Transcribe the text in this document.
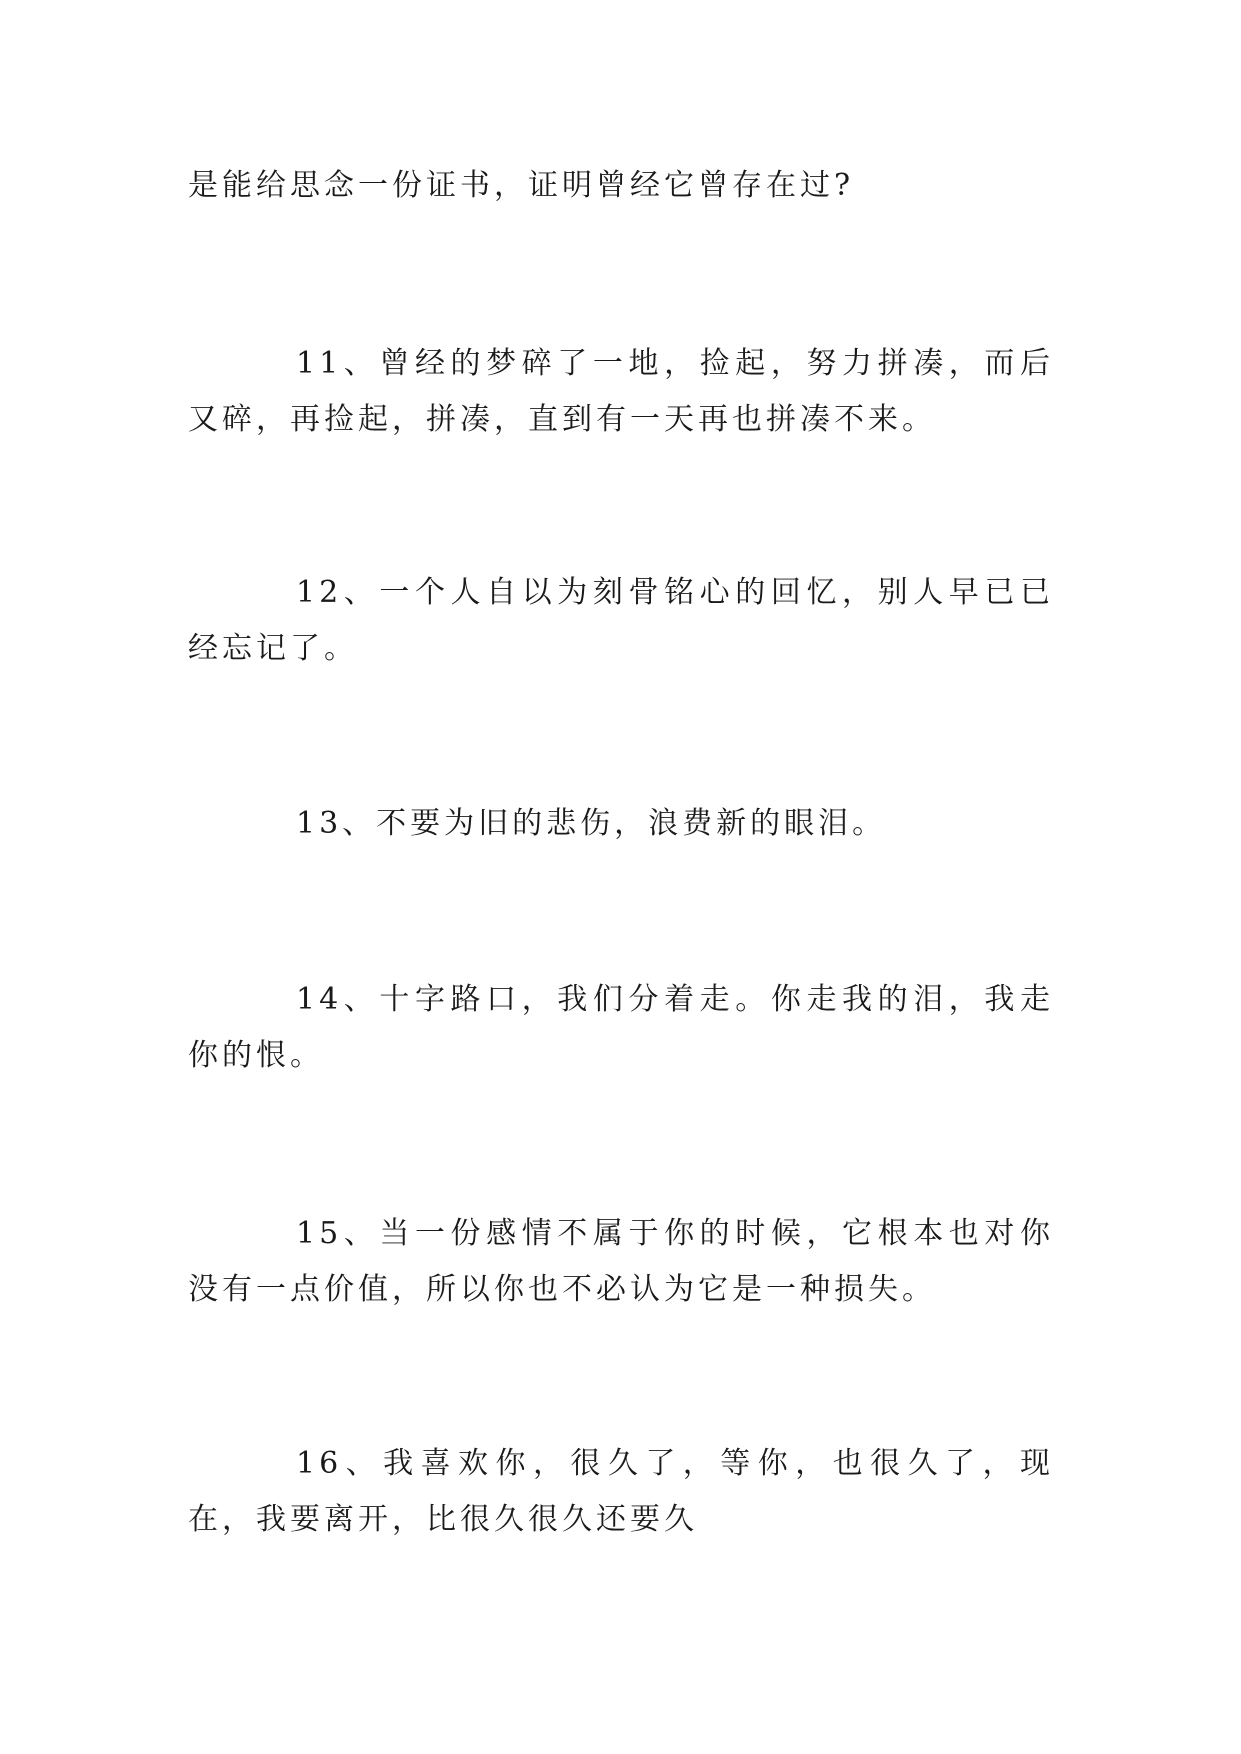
是能给思念一份证书，证明曾经它曾存在过?

11、曾经的梦碎了一地，捡起，努力拼凑，而后又碎，再捡起，拼凑，直到有一天再也拼凑不来。

12、一个人自以为刻骨铭心的回忆，别人早已已经忘记了。

13、不要为旧的悲伤，浪费新的眼泪。

14、十字路口，我们分着走。你走我的泪，我走你的恨。

15、当一份感情不属于你的时候，它根本也对你没有一点价值，所以你也不必认为它是一种损失。

16、我喜欢你，很久了，等你，也很久了，现在，我要离开，比很久很久还要久
